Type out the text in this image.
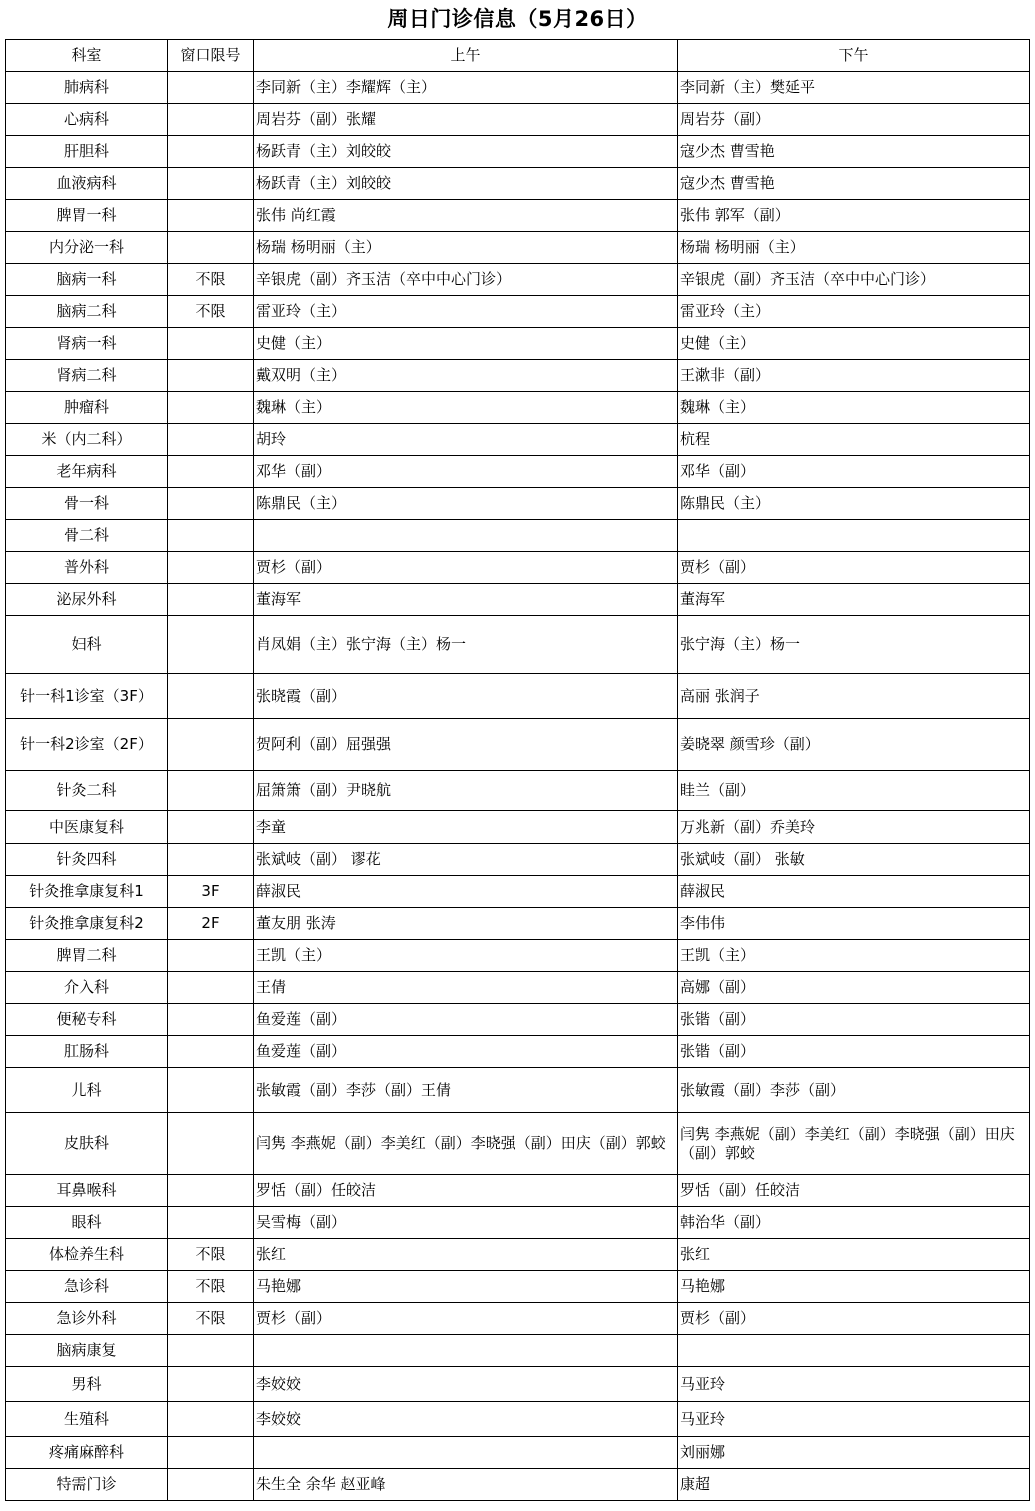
周日门诊信息（5月26日）
科室	窗口限号	上午	下午
肺病科		李同新（主）李耀辉（主）	李同新（主）樊延平
心病科		周岩芬（副）张耀	周岩芬（副）
肝胆科		杨跃青（主）刘皎皎	寇少杰 曹雪艳
血液病科		杨跃青（主）刘皎皎	寇少杰 曹雪艳
脾胃一科		张伟 尚红霞	张伟 郭军（副）
内分泌一科		杨瑞 杨明丽（主）	杨瑞 杨明丽（主）
脑病一科	不限	辛银虎（副）齐玉洁（卒中中心门诊）	辛银虎（副）齐玉洁（卒中中心门诊）
脑病二科	不限	雷亚玲（主）	雷亚玲（主）
肾病一科		史健（主）	史健（主）
肾病二科		戴双明（主）	王漱非（副）
肿瘤科		魏琳（主）	魏琳（主）
米（内二科）		胡玲	杭程
老年病科		邓华（副）	邓华（副）
骨一科		陈鼎民（主）	陈鼎民（主）
骨二科			
普外科		贾杉（副）	贾杉（副）
泌尿外科		董海军	董海军
妇科		肖凤娟（主）张宁海（主）杨一	张宁海（主）杨一
针一科1诊室（3F）		张晓霞（副）	高丽 张润子
针一科2诊室（2F）		贺阿利（副）屈强强	姜晓翠 颜雪珍（副）
针灸二科		屈箫箫（副）尹晓航	眭兰（副）
中医康复科		李童	万兆新（副）乔美玲
针灸四科		张斌岐（副） 谬花	张斌岐（副） 张敏
针灸推拿康复科1	3F	薛淑民	薛淑民
针灸推拿康复科2	2F	董友朋 张涛	李伟伟
脾胃二科		王凯（主）	王凯（主）
介入科		王倩	高娜（副）
便秘专科		鱼爱莲（副）	张锴（副）
肛肠科		鱼爱莲（副）	张锴（副）
儿科		张敏霞（副）李莎（副）王倩	张敏霞（副）李莎（副）
皮肤科		闫隽 李燕妮（副）李美红（副）李晓强（副）田庆（副）郭蛟	闫隽 李燕妮（副）李美红（副）李晓强（副）田庆（副）郭蛟
耳鼻喉科		罗恬（副）任皎洁	罗恬（副）任皎洁
眼科		吴雪梅（副）	韩治华（副）
体检养生科	不限	张红	张红
急诊科	不限	马艳娜	马艳娜
急诊外科	不限	贾杉（副）	贾杉（副）
脑病康复			
男科		李姣姣	马亚玲
生殖科		李姣姣	马亚玲
疼痛麻醉科			刘丽娜
特需门诊		朱生全 余华 赵亚峰	康超
